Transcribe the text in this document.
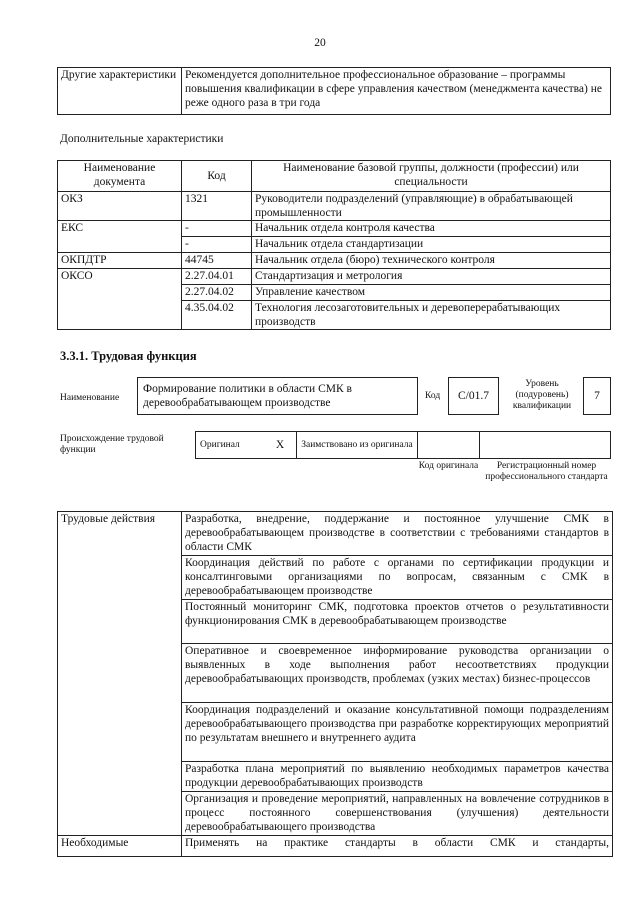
20
Другие характеристики	Рекомендуется дополнительное профессиональное образование – программы повышения квалификации в сфере управления качеством (менеджмента качества) не реже одного раза в три года
Дополнительные характеристики
Наименование документа	Код	Наименование базовой группы, должности (профессии) или специальности
ОКЗ	1321	Руководители подразделений (управляющие) в обрабатывающей промышленности
ЕКС	-	Начальник отдела контроля качества
	-	Начальник отдела стандартизации
ОКПДТР	44745	Начальник отдела (бюро) технического контроля
ОКСО	2.27.04.01	Стандартизация и метрология
	2.27.04.02	Управление качеством
	4.35.04.02	Технология лесозаготовительных и деревоперерабатывающих производств
3.3.1. Трудовая функция
Наименование
Формирование политики в области СМК в деревообрабатывающем производстве
Код C/01.7
Уровень (подуровень) квалификации
7
Происхождение трудовой функции
Оригинал	X	Заимствовано из оригинала
Код оригинала	Регистрационный номер профессионального стандарта
Трудовые действия	Разработка, внедрение, поддержание и постоянное улучшение СМК в деревообрабатывающем производстве в соответствии с требованиями стандартов в области СМК
	Координация действий по работе с органами по сертификации продукции и консалтинговыми организациями по вопросам, связанным с СМК в деревообрабатывающем производстве
	Постоянный мониторинг СМК, подготовка проектов отчетов о результативности функционирования СМК в деревообрабатывающем производстве
	Оперативное и своевременное информирование руководства организации о выявленных в ходе выполнения работ несоответствиях продукции деревообрабатывающих производств, проблемах (узких местах) бизнес-процессов
	Координация подразделений и оказание консультативной помощи подразделениям деревообрабатывающего производства при разработке корректирующих мероприятий по результатам внешнего и внутреннего аудита
	Разработка плана мероприятий по выявлению необходимых параметров качества продукции деревообрабатывающих производств
	Организация и проведение мероприятий, направленных на вовлечение сотрудников в процесс постоянного совершенствования (улучшения) деятельности деревообрабатывающего производства
Необходимые	Применять на практике стандарты в области СМК и стандарты,
